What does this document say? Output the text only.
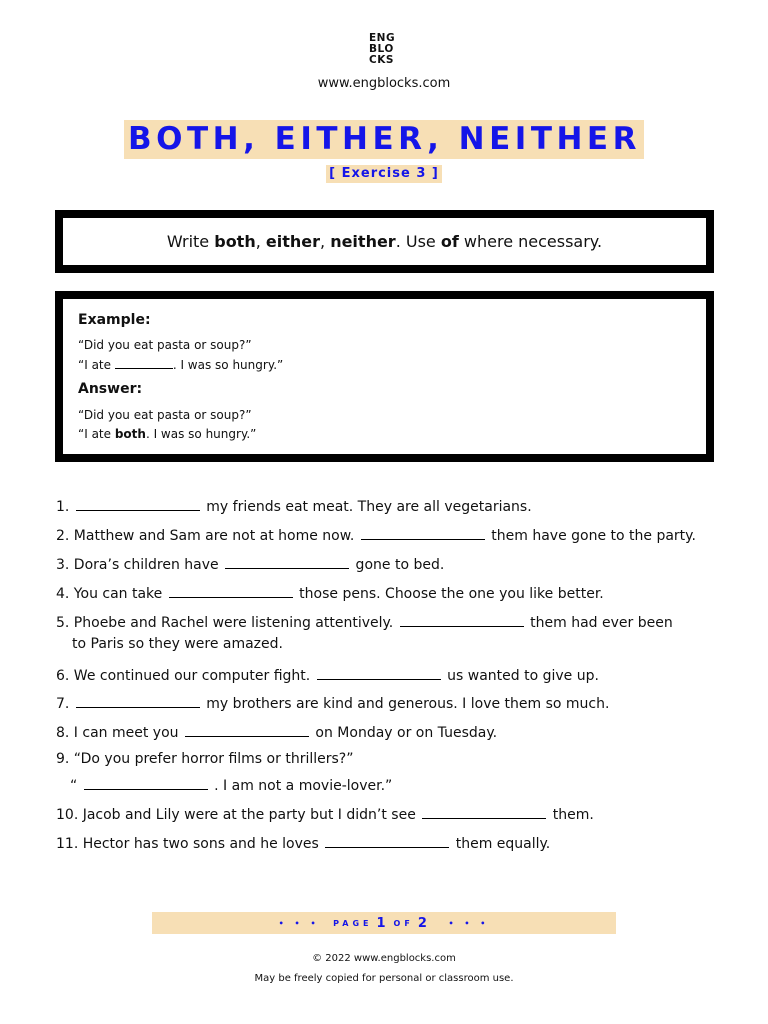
ENG
BLO
CKS
www.engblocks.com
BOTH, EITHER, NEITHER
[ Exercise 3 ]
Write both, either, neither. Use of where necessary.
Example:
“Did you eat pasta or soup?”
“I ate	. I was so hungry.”
Answer:
“Did you eat pasta or soup?”
“I ate both. I was so hungry.”
1.	my friends eat meat. They are all vegetarians.
2. Matthew and Sam are not at home now.	them have gone to the party.
3. Dora’s children have	gone to bed.
4. You can take	those pens. Choose the one you like better.
5. Phoebe and Rachel were listening attentively.	them had ever been
to Paris so they were amazed.
6. We continued our computer fight.	us wanted to give up.
7.	my brothers are kind and generous. I love them so much.
8. I can meet you	on Monday or on Tuesday.
9. “Do you prefer horror films or thrillers?”
“	. I am not a movie-lover.”
10. Jacob and Lily were at the party but I didn’t see	them.
11. Hector has two sons and he loves	them equally.
• • •
PAGE 1 OF 2
• • •
© 2022 www.engblocks.com
May be freely copied for personal or classroom use.
